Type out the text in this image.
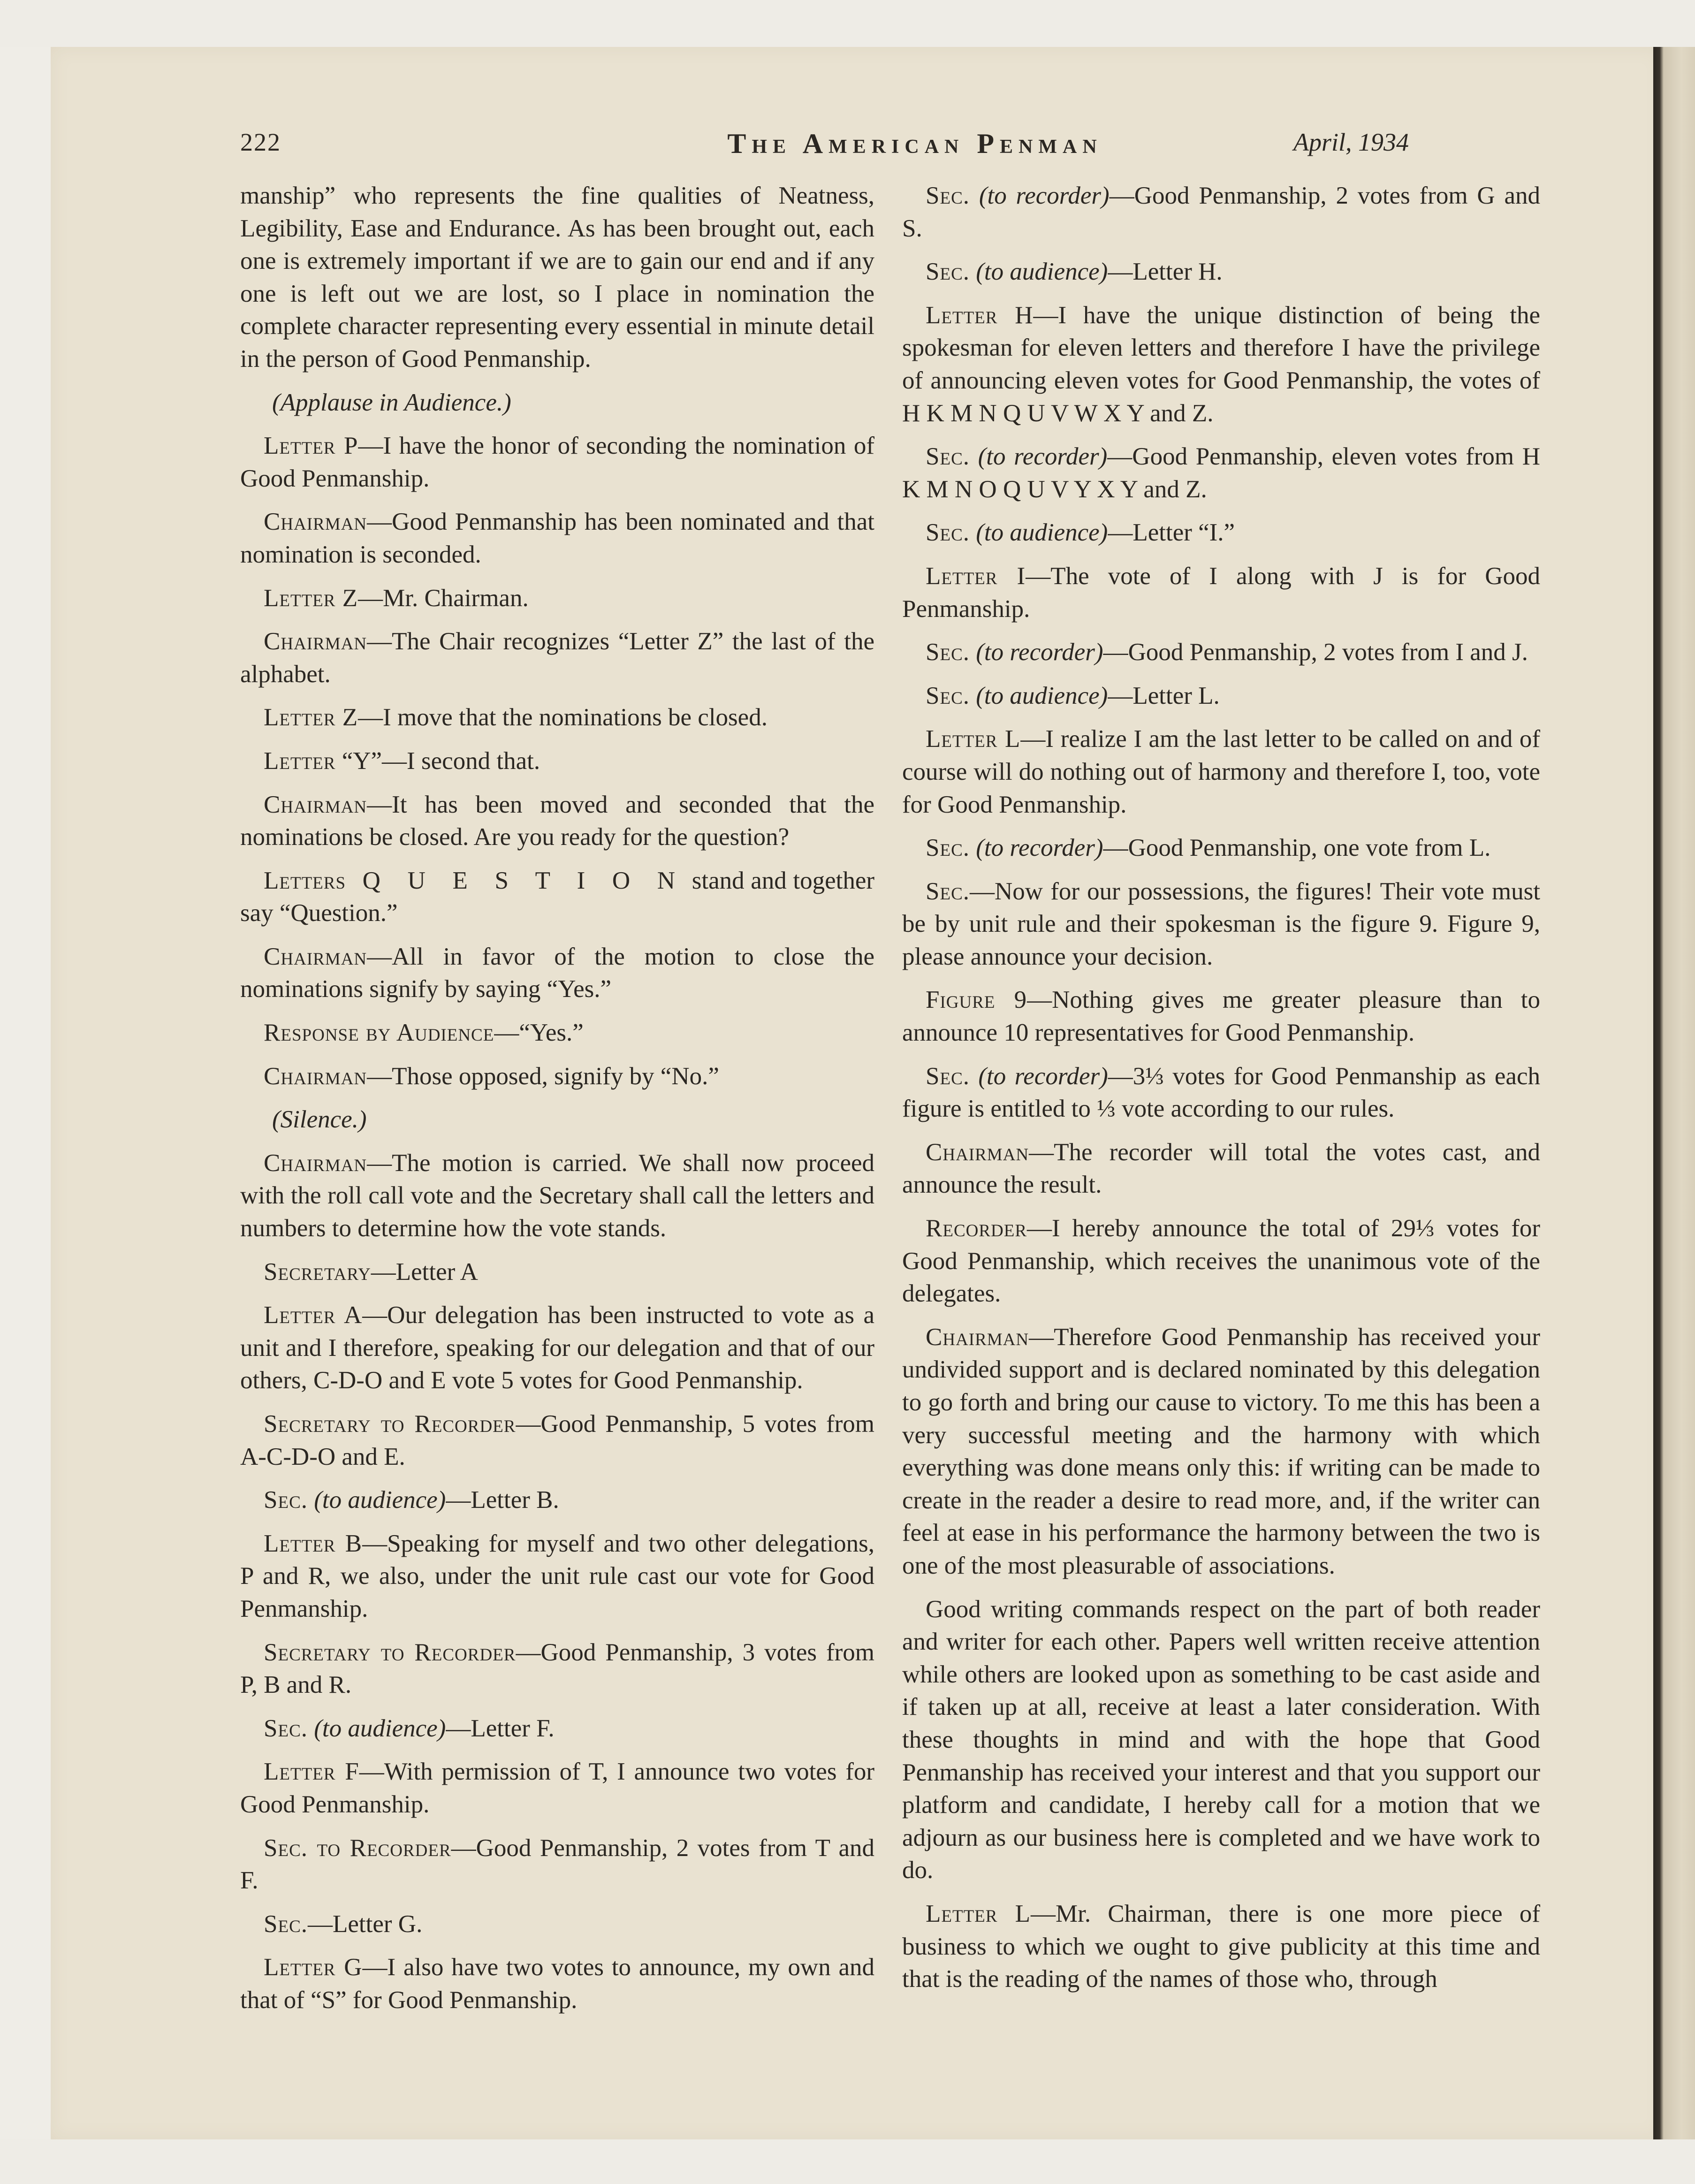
222	The American Penman	April, 1934

manship” who represents the fine qualities of Neatness, Legibility, Ease and Endurance. As has been brought out, each one is extremely important if we are to gain our end and if any one is left out we are lost, so I place in nomination the complete character representing every essential in minute detail in the person of Good Penmanship.

(Applause in Audience.)

Letter P—I have the honor of seconding the nomination of Good Penmanship.

Chairman—Good Penmanship has been nominated and that nomination is seconded.

Letter Z—Mr. Chairman.

Chairman—The Chair recognizes “Letter Z” the last of the alphabet.

Letter Z—I move that the nominations be closed.

Letter “Y”—I second that.

Chairman—It has been moved and seconded that the nominations be closed. Are you ready for the question?

Letters Q U E S T I O N stand and together say “Question.”

Chairman—All in favor of the motion to close the nominations signify by saying “Yes.”

Response by Audience—“Yes.”

Chairman—Those opposed, signify by “No.”

(Silence.)

Chairman—The motion is carried. We shall now proceed with the roll call vote and the Secretary shall call the letters and numbers to determine how the vote stands.

Secretary—Letter A

Letter A—Our delegation has been instructed to vote as a unit and I therefore, speaking for our delegation and that of our others, C-D-O and E vote 5 votes for Good Penmanship.

Secretary to Recorder—Good Penmanship, 5 votes from A-C-D-O and E.

Sec. (to audience)—Letter B.

Letter B—Speaking for myself and two other delegations, P and R, we also, under the unit rule cast our vote for Good Penmanship.

Secretary to Recorder—Good Penmanship, 3 votes from P, B and R.

Sec. (to audience)—Letter F.

Letter F—With permission of T, I announce two votes for Good Penmanship.

Sec. to Recorder—Good Penmanship, 2 votes from T and F.

Sec.—Letter G.

Letter G—I also have two votes to announce, my own and that of “S” for Good Penmanship.

Sec. (to recorder)—Good Penmanship, 2 votes from G and S.

Sec. (to audience)—Letter H.

Letter H—I have the unique distinction of being the spokesman for eleven letters and therefore I have the privilege of announcing eleven votes for Good Penmanship, the votes of H K M N Q U V W X Y and Z.

Sec. (to recorder)—Good Penmanship, eleven votes from H K M N O Q U V Y X Y and Z.

Sec. (to audience)—Letter “I.”

Letter I—The vote of I along with J is for Good Penmanship.

Sec. (to recorder)—Good Penmanship, 2 votes from I and J.

Sec. (to audience)—Letter L.

Letter L—I realize I am the last letter to be called on and of course will do nothing out of harmony and therefore I, too, vote for Good Penmanship.

Sec. (to recorder)—Good Penmanship, one vote from L.

Sec.—Now for our possessions, the figures! Their vote must be by unit rule and their spokesman is the figure 9. Figure 9, please announce your decision.

Figure 9—Nothing gives me greater pleasure than to announce 10 representatives for Good Penmanship.

Sec. (to recorder)—3⅓ votes for Good Penmanship as each figure is entitled to ⅓ vote according to our rules.

Chairman—The recorder will total the votes cast, and announce the result.

Recorder—I hereby announce the total of 29⅓ votes for Good Penmanship, which receives the unanimous vote of the delegates.

Chairman—Therefore Good Penmanship has received your undivided support and is declared nominated by this delegation to go forth and bring our cause to victory. To me this has been a very successful meeting and the harmony with which everything was done means only this: if writing can be made to create in the reader a desire to read more, and, if the writer can feel at ease in his performance the harmony between the two is one of the most pleasurable of associations.

Good writing commands respect on the part of both reader and writer for each other. Papers well written receive attention while others are looked upon as something to be cast aside and if taken up at all, receive at least a later consideration. With these thoughts in mind and with the hope that Good Penmanship has received your interest and that you support our platform and candidate, I hereby call for a motion that we adjourn as our business here is completed and we have work to do.

Letter L—Mr. Chairman, there is one more piece of business to which we ought to give publicity at this time and that is the reading of the names of those who, through
